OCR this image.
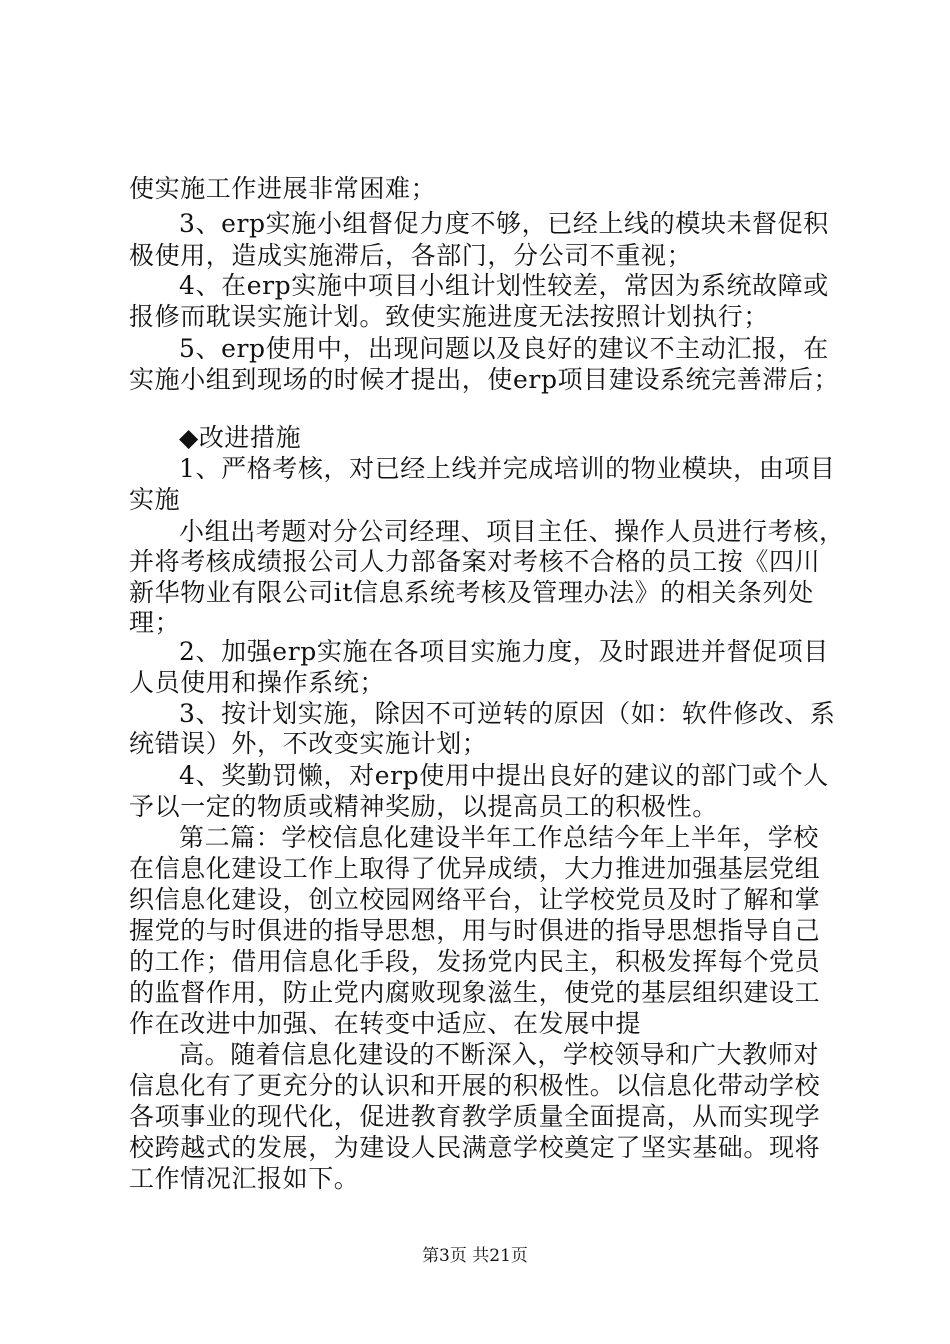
使实施工作进展非常困难；
3、erp实施小组督促力度不够，已经上线的模块未督促积
极使用，造成实施滞后，各部门，分公司不重视；
4、在erp实施中项目小组计划性较差，常因为系统故障或
报修而耽误实施计划。致使实施进度无法按照计划执行；
5、erp使用中，出现问题以及良好的建议不主动汇报，在
实施小组到现场的时候才提出，使erp项目建设系统完善滞后；
◆改进措施
1、严格考核，对已经上线并完成培训的物业模块，由项目
实施
小组出考题对分公司经理、项目主任、操作人员进行考核，
并将考核成绩报公司人力部备案对考核不合格的员工按《四川
新华物业有限公司it信息系统考核及管理办法》的相关条列处
理；
2、加强erp实施在各项目实施力度，及时跟进并督促项目
人员使用和操作系统；
3、按计划实施，除因不可逆转的原因（如：软件修改、系
统错误）外，不改变实施计划；
4、奖勤罚懒，对erp使用中提出良好的建议的部门或个人
予以一定的物质或精神奖励，以提高员工的积极性。
第二篇：学校信息化建设半年工作总结今年上半年，学校
在信息化建设工作上取得了优异成绩，大力推进加强基层党组
织信息化建设，创立校园网络平台，让学校党员及时了解和掌
握党的与时俱进的指导思想，用与时俱进的指导思想指导自己
的工作；借用信息化手段，发扬党内民主，积极发挥每个党员
的监督作用，防止党内腐败现象滋生，使党的基层组织建设工
作在改进中加强、在转变中适应、在发展中提
高。随着信息化建设的不断深入，学校领导和广大教师对
信息化有了更充分的认识和开展的积极性。以信息化带动学校
各项事业的现代化，促进教育教学质量全面提高，从而实现学
校跨越式的发展，为建设人民满意学校奠定了坚实基础。现将
工作情况汇报如下。
第3页 共21页
